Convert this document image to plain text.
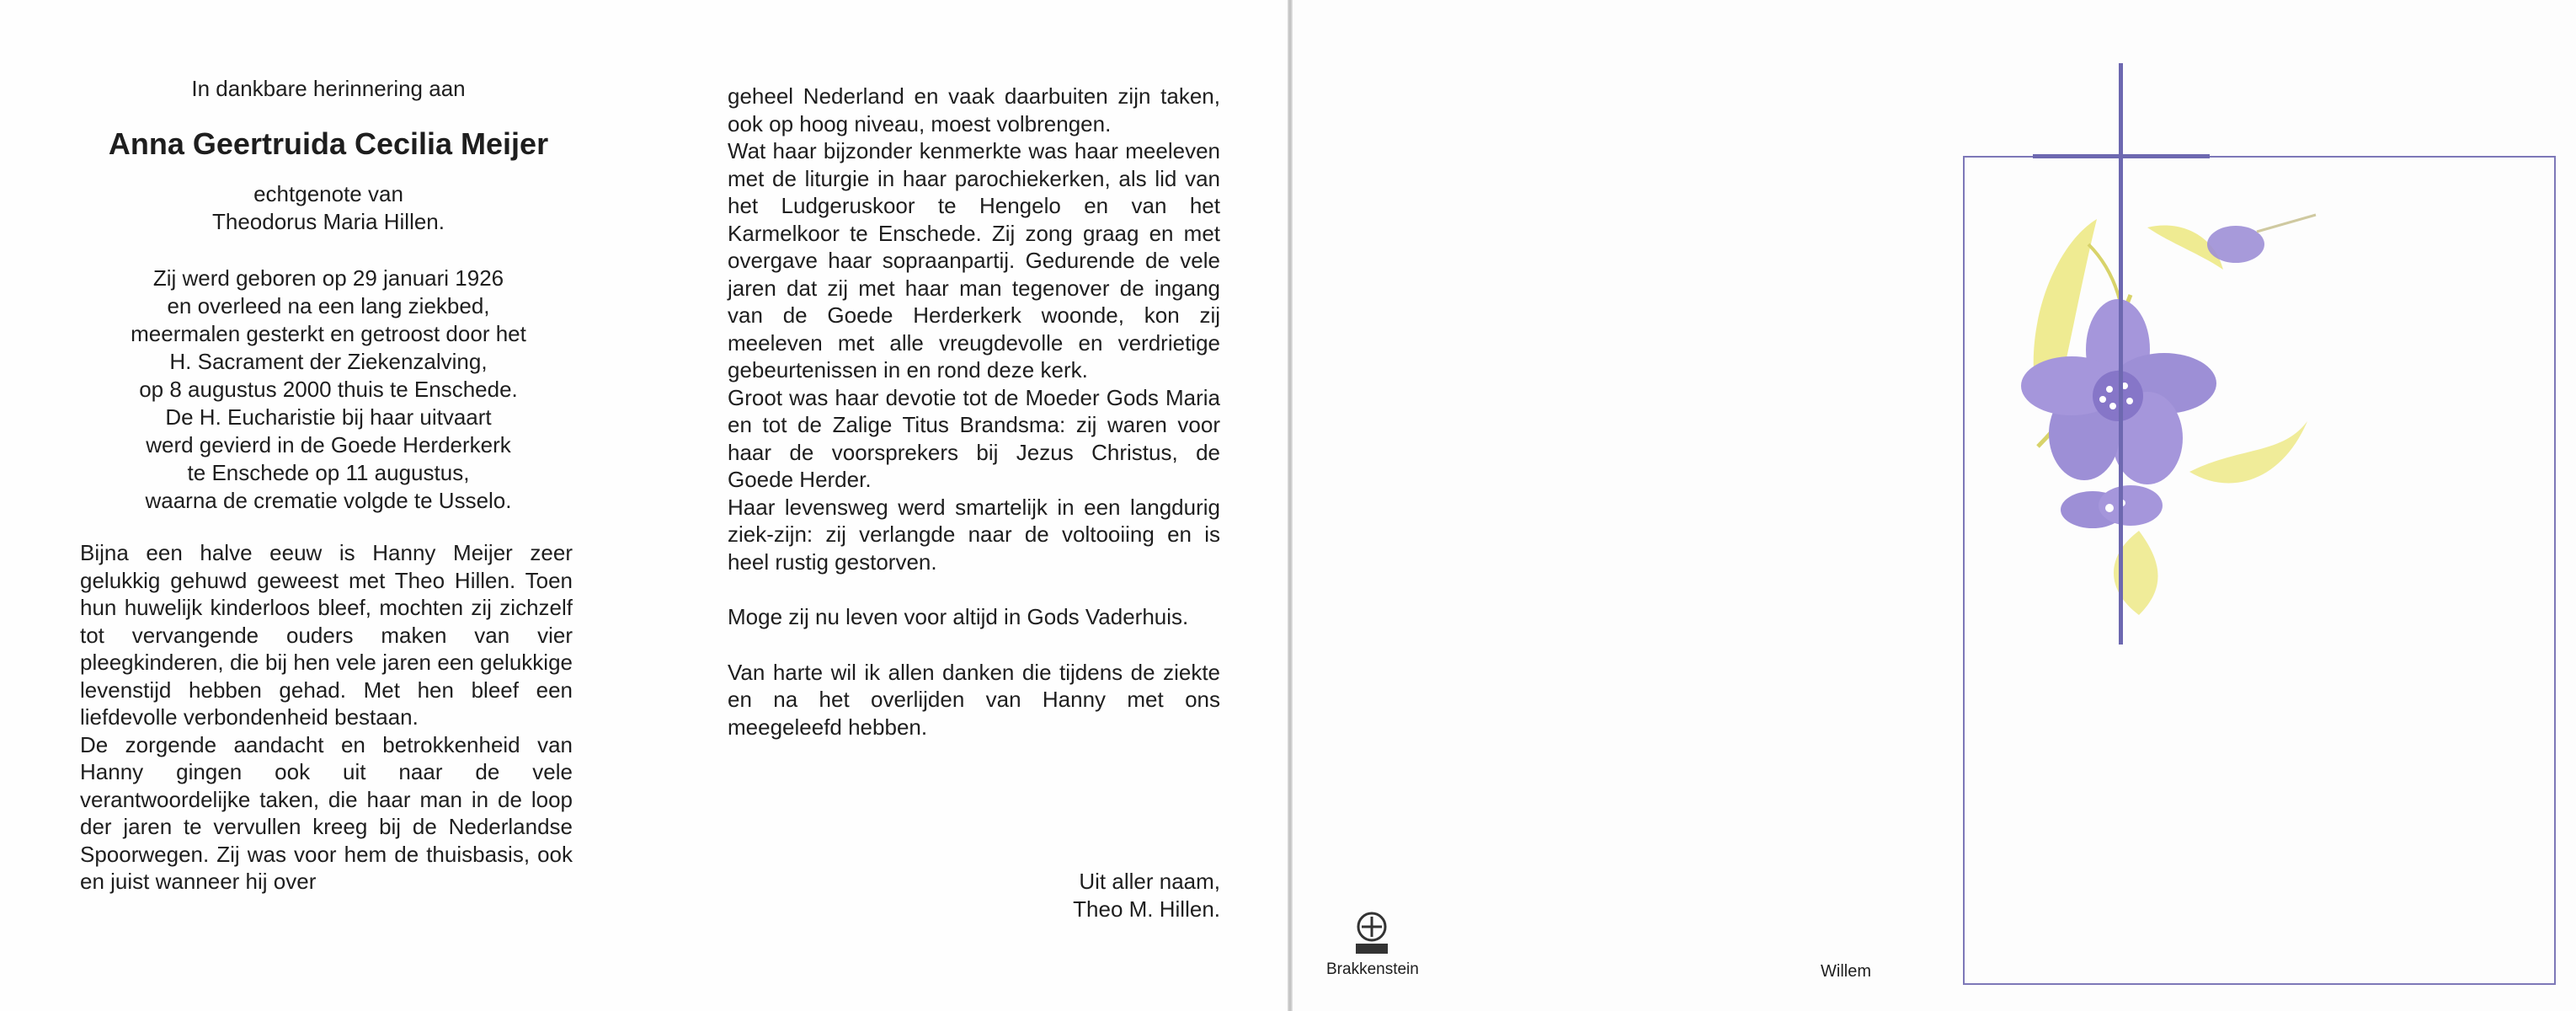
In dankbare herinnering aan
Anna Geertruida Cecilia Meijer
echtgenote van
Theodorus Maria Hillen.
Zij werd geboren op 29 januari 1926
en overleed na een lang ziekbed,
meermalen gesterkt en getroost door het
H. Sacrament der Ziekenzalving,
op 8 augustus 2000 thuis te Enschede.
De H. Eucharistie bij haar uitvaart
werd gevierd in de Goede Herderkerk
te Enschede op 11 augustus,
waarna de crematie volgde te Usselo.

Bijna een halve eeuw is Hanny Meijer zeer gelukkig gehuwd geweest met Theo Hillen. Toen hun huwelijk kinderloos bleef, mochten zij zichzelf tot vervangende ouders maken van vier pleegkinderen, die bij hen vele jaren een gelukkige levenstijd hebben gehad. Met hen bleef een liefdevolle verbondenheid bestaan.

De zorgende aandacht en betrokkenheid van Hanny gingen ook uit naar de vele verantwoordelijke taken, die haar man in de loop der jaren te vervullen kreeg bij de Nederlandse Spoorwegen. Zij was voor hem de thuisbasis, ook en juist wanneer hij over

geheel Nederland en vaak daarbuiten zijn taken, ook op hoog niveau, moest volbrengen.

Wat haar bijzonder kenmerkte was haar meeleven met de liturgie in haar parochiekerken, als lid van het Ludgeruskoor te Hengelo en van het Karmelkoor te Enschede. Zij zong graag en met overgave haar sopraanpartij. Gedurende de vele jaren dat zij met haar man tegenover de ingang van de Goede Herderkerk woonde, kon zij meeleven met alle vreugdevolle en verdrietige gebeurtenissen in en rond deze kerk.

Groot was haar devotie tot de Moeder Gods Maria en tot de Zalige Titus Brandsma: zij waren voor haar de voorsprekers bij Jezus Christus, de Goede Herder.

Haar levensweg werd smartelijk in een langdurig ziek-zijn: zij verlangde naar de voltooiing en is heel rustig gestorven.

Moge zij nu leven voor altijd in Gods Vaderhuis.

Van harte wil ik allen danken die tijdens de ziekte en na het overlijden van Hanny met ons meegeleefd hebben.

Uit aller naam,
Theo M. Hillen.
Brakkenstein	Willem
